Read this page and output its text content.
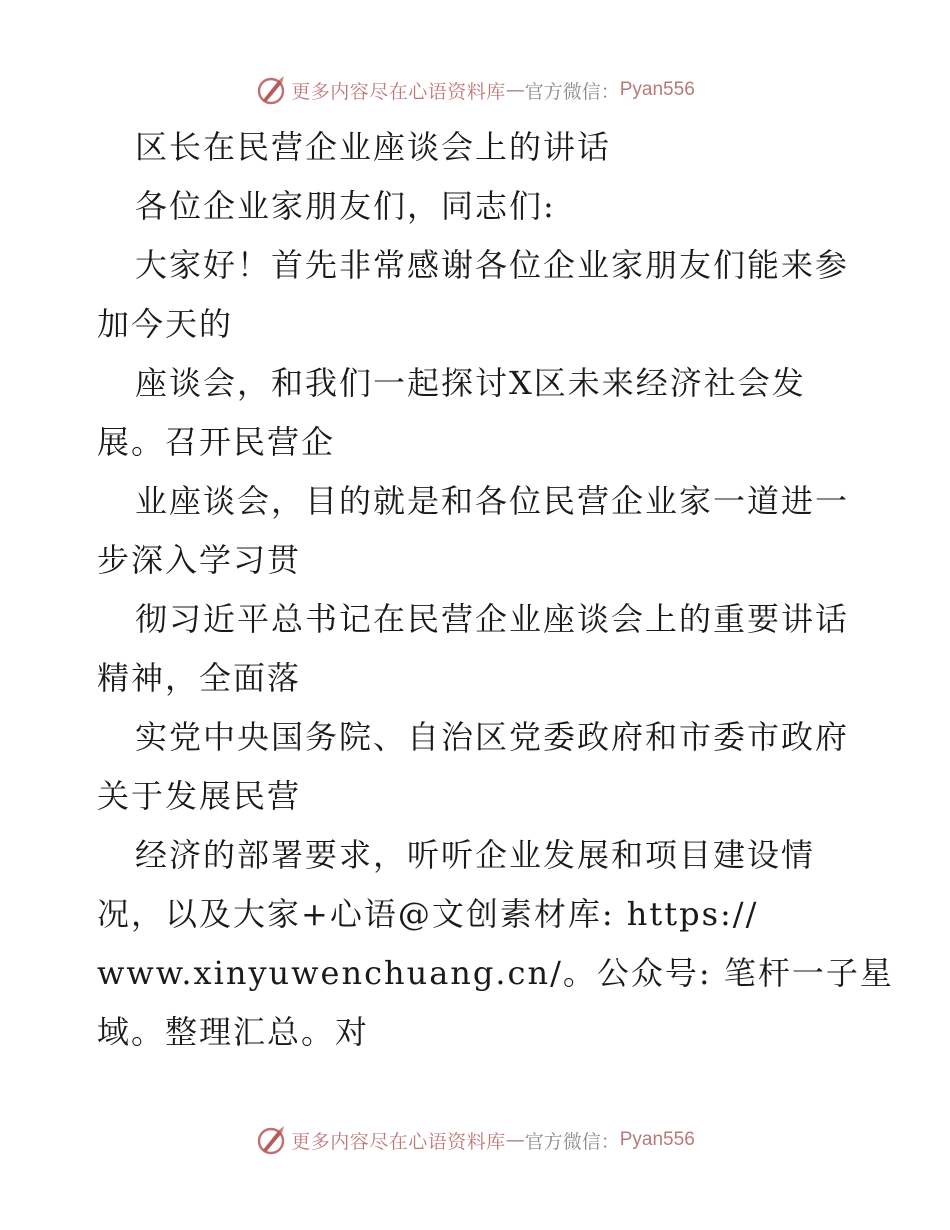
更多内容尽在心语资料库 — 官方微信： Pyan556
区长在民营企业座谈会上的讲话
各位企业家朋友们，同志们:
大家好！首先非常感谢各位企业家朋友们能来参
加今天的
座谈会，和我们一起探讨X区未来经济社会发
展。召开民营企
业座谈会，目的就是和各位民营企业家一道进一
步深入学习贯
彻习近平总书记在民营企业座谈会上的重要讲话
精神，全面落
实党中央国务院、自治区党委政府和市委市政府
关于发展民营
经济的部署要求，听听企业发展和项目建设情
况，以及大家+心语@文创素材库: https://
www.xinyuwenchuang.cn/。公众号: 笔杆一子星
域。整理汇总。对
更多内容尽在心语资料库 — 官方微信： Pyan556
